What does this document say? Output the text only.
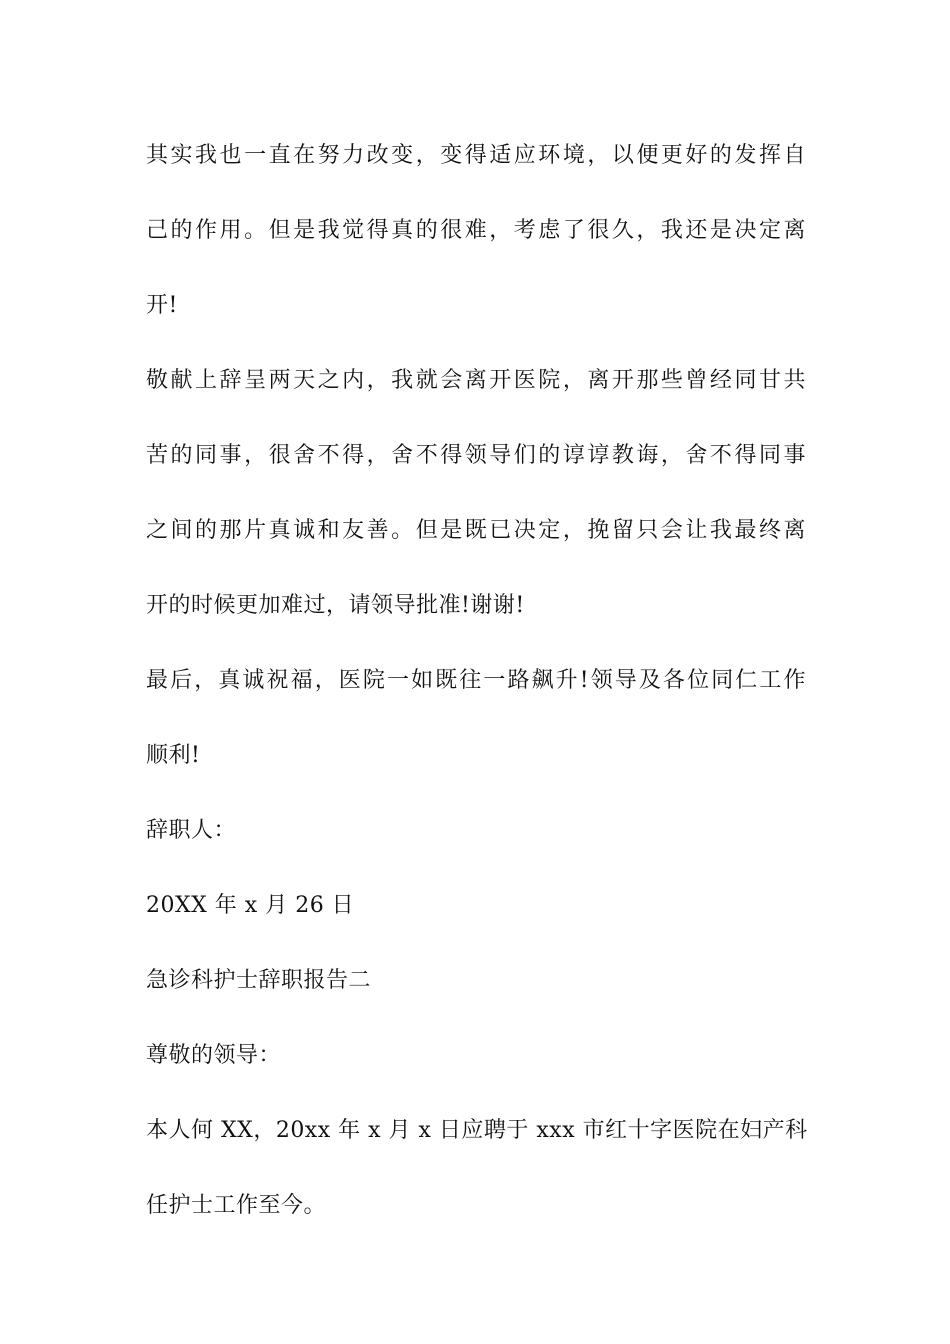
其实我也一直在努力改变，变得适应环境，以便更好的发挥自
己的作用。但是我觉得真的很难，考虑了很久，我还是决定离
开!
敬献上辞呈两天之内，我就会离开医院，离开那些曾经同甘共
苦的同事，很舍不得，舍不得领导们的谆谆教诲，舍不得同事
之间的那片真诚和友善。但是既已决定，挽留只会让我最终离
开的时候更加难过，请领导批准!谢谢!
最后，真诚祝福，医院一如既往一路飙升!领导及各位同仁工作
顺利!
辞职人：
20XX 年 x 月 26 日
急诊科护士辞职报告二
尊敬的领导：
本人何 XX，20xx 年 x 月 x 日应聘于 xxx 市红十字医院在妇产科
任护士工作至今。
